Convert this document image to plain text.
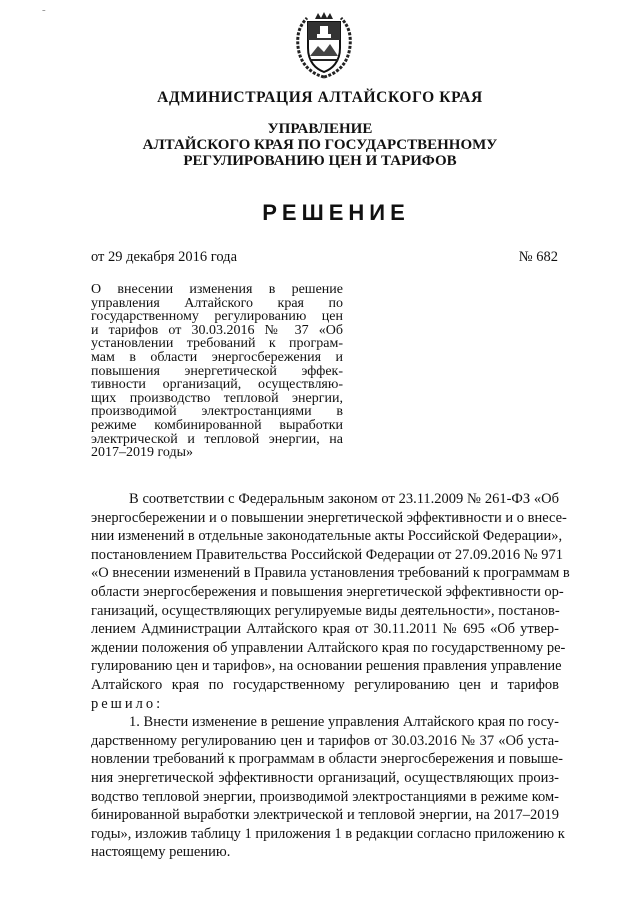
-
АДМИНИСТРАЦИЯ АЛТАЙСКОГО КРАЯ
УПРАВЛЕНИЕ
АЛТАЙСКОГО КРАЯ ПО ГОСУДАРСТВЕННОМУ
РЕГУЛИРОВАНИЮ ЦЕН И ТАРИФОВ
РЕШЕНИЕ
от 29 декабря 2016 года	№ 682
О внесении изменения в решение
управления Алтайского края по
государственному регулированию цен
и тарифов от 30.03.2016 № 37 «Об
установлении требований к програм-
мам в области энергосбережения и
повышения энергетической эффек-
тивности организаций, осуществляю-
щих производство тепловой энергии,
производимой электростанциями в
режиме комбинированной выработки
электрической и тепловой энергии, на
2017–2019 годы»
В соответствии с Федеральным законом от 23.11.2009 № 261-ФЗ «Об
энергосбережении и о повышении энергетической эффективности и о внесе-
нии изменений в отдельные законодательные акты Российской Федерации»,
постановлением Правительства Российской Федерации от 27.09.2016 № 971
«О внесении изменений в Правила установления требований к программам в
области энергосбережения и повышения энергетической эффективности ор-
ганизаций, осуществляющих регулируемые виды деятельности», постанов-
лением Администрации Алтайского края от 30.11.2011 № 695 «Об утвер-
ждении положения об управлении Алтайского края по государственному ре-
гулированию цен и тарифов», на основании решения правления управление
Алтайского края по государственному регулированию цен и тарифов
решило:
1. Внести изменение в решение управления Алтайского края по госу-
дарственному регулированию цен и тарифов от 30.03.2016 № 37 «Об уста-
новлении требований к программам в области энергосбережения и повыше-
ния энергетической эффективности организаций, осуществляющих произ-
водство тепловой энергии, производимой электростанциями в режиме ком-
бинированной выработки электрической и тепловой энергии, на 2017–2019
годы», изложив таблицу 1 приложения 1 в редакции согласно приложению к
настоящему решению.
